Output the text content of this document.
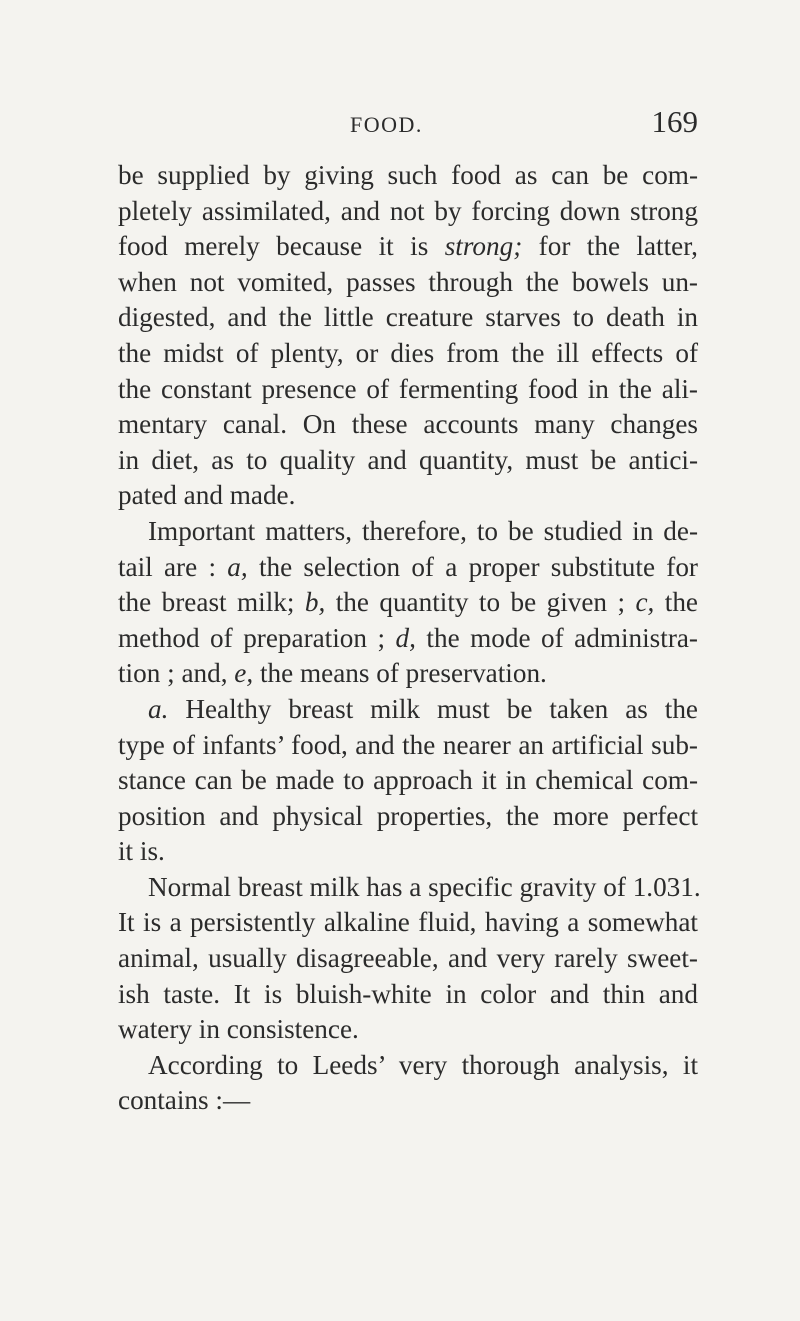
FOOD.	169
be supplied by giving such food as can be com-
pletely assimilated, and not by forcing down strong
food merely because it is strong; for the latter,
when not vomited, passes through the bowels un-
digested, and the little creature starves to death in
the midst of plenty, or dies from the ill effects of
the constant presence of fermenting food in the ali-
mentary canal. On these accounts many changes
in diet, as to quality and quantity, must be antici-
pated and made.
Important matters, therefore, to be studied in de-
tail are : a, the selection of a proper substitute for
the breast milk; b, the quantity to be given ; c, the
method of preparation ; d, the mode of administra-
tion ; and, e, the means of preservation.
a. Healthy breast milk must be taken as the
type of infants’ food, and the nearer an artificial sub-
stance can be made to approach it in chemical com-
position and physical properties, the more perfect
it is.
Normal breast milk has a specific gravity of 1.031.
It is a persistently alkaline fluid, having a somewhat
animal, usually disagreeable, and very rarely sweet-
ish taste. It is bluish-white in color and thin and
watery in consistence.
According to Leeds’ very thorough analysis, it
contains :—
